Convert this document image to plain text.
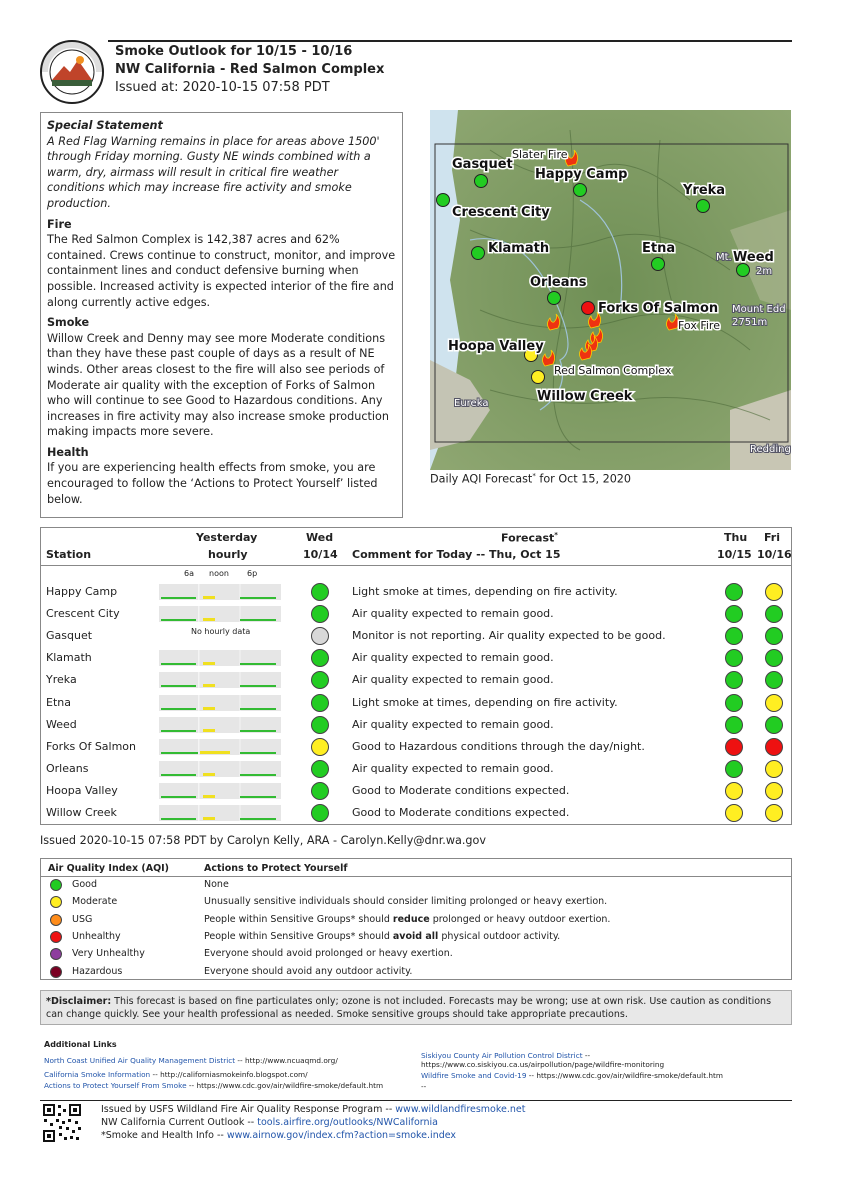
Smoke Outlook for 10/15 - 10/16
NW California - Red Salmon Complex
Issued at: 2020-10-15 07:58 PDT
Special Statement

A Red Flag Warning remains in place for areas above 1500' through Friday morning. Gusty NE winds combined with a warm, dry, airmass will result in critical fire weather conditions which may increase fire activity and smoke production.

Fire

The Red Salmon Complex is 142,387 acres and 62% contained. Crews continue to construct, monitor, and improve containment lines and conduct defensive burning when possible. Increased activity is expected interior of the fire and along currently active edges.

Smoke

Willow Creek and Denny may see more Moderate conditions than they have these past couple of days as a result of NE winds. Other areas closest to the fire will also see periods of Moderate air quality with the exception of Forks of Salmon who will continue to see Good to Hazardous conditions. Any increases in fire activity may also increase smoke production making impacts more severe.

Health

If you are experiencing health effects from smoke, you are encouraged to follow the ‘Actions to Protect Yourself’ listed below.

Gasquet
Happy Camp
Yreka
Crescent City
Klamath	Etna
Weed
Orleans
Forks Of Salmon
Hoopa Valley
Willow Creek
Slater Fire
Fox Fire
Red Salmon Complex
Mt.
2m
Mount Edd
2751m
Eureka
Redding
Daily AQI Forecast* for Oct 15, 2020
Yesterday
hourly
Station
Wed
10/14
Forecast*
Comment for Today -- Thu, Oct 15
Thu
10/15
Fri
10/16
6a noon 6p
Happy Camp	Light smoke at times, depending on fire activity.
Crescent City	Air quality expected to remain good.
Gasquet	No hourly data	Monitor is not reporting. Air quality expected to be good.
Klamath	Air quality expected to remain good.
Yreka	Air quality expected to remain good.
Etna	Light smoke at times, depending on fire activity.
Weed	Air quality expected to remain good.
Forks Of Salmon	Good to Hazardous conditions through the day/night.
Orleans	Air quality expected to remain good.
Hoopa Valley	Good to Moderate conditions expected.
Willow Creek	Good to Moderate conditions expected.
Issued 2020-10-15 07:58 PDT by Carolyn Kelly, ARA - Carolyn.Kelly@dnr.wa.gov
Air Quality Index (AQI)	Actions to Protect Yourself
Good	None
Moderate	Unusually sensitive individuals should consider limiting prolonged or heavy exertion.
USG	People within Sensitive Groups* should reduce prolonged or heavy outdoor exertion.
Unhealthy	People within Sensitive Groups* should avoid all physical outdoor activity.
Very Unhealthy	Everyone should avoid prolonged or heavy exertion.
Hazardous	Everyone should avoid any outdoor activity.
*Disclaimer: This forecast is based on fine particulates only; ozone is not included. Forecasts may be wrong; use at own risk. Use caution as conditions can change quickly. See your health professional as needed. Smoke sensitive groups should take appropriate precautions.
Additional Links
North Coast Unified Air Quality Management District -- http://www.ncuaqmd.org/
California Smoke Information -- http://californiasmokeinfo.blogspot.com/
Actions to Protect Yourself From Smoke -- https://www.cdc.gov/air/wildfire-smoke/default.htm
Siskiyou County Air Pollution Control District --
https://www.co.siskiyou.ca.us/airpollution/page/wildfire-monitoring
Wildfire Smoke and Covid-19 -- https://www.cdc.gov/air/wildfire-smoke/default.htm
--
Issued by USFS Wildland Fire Air Quality Response Program -- www.wildlandfiresmoke.net
NW California Current Outlook -- tools.airfire.org/outlooks/NWCalifornia
*Smoke and Health Info -- www.airnow.gov/index.cfm?action=smoke.index
